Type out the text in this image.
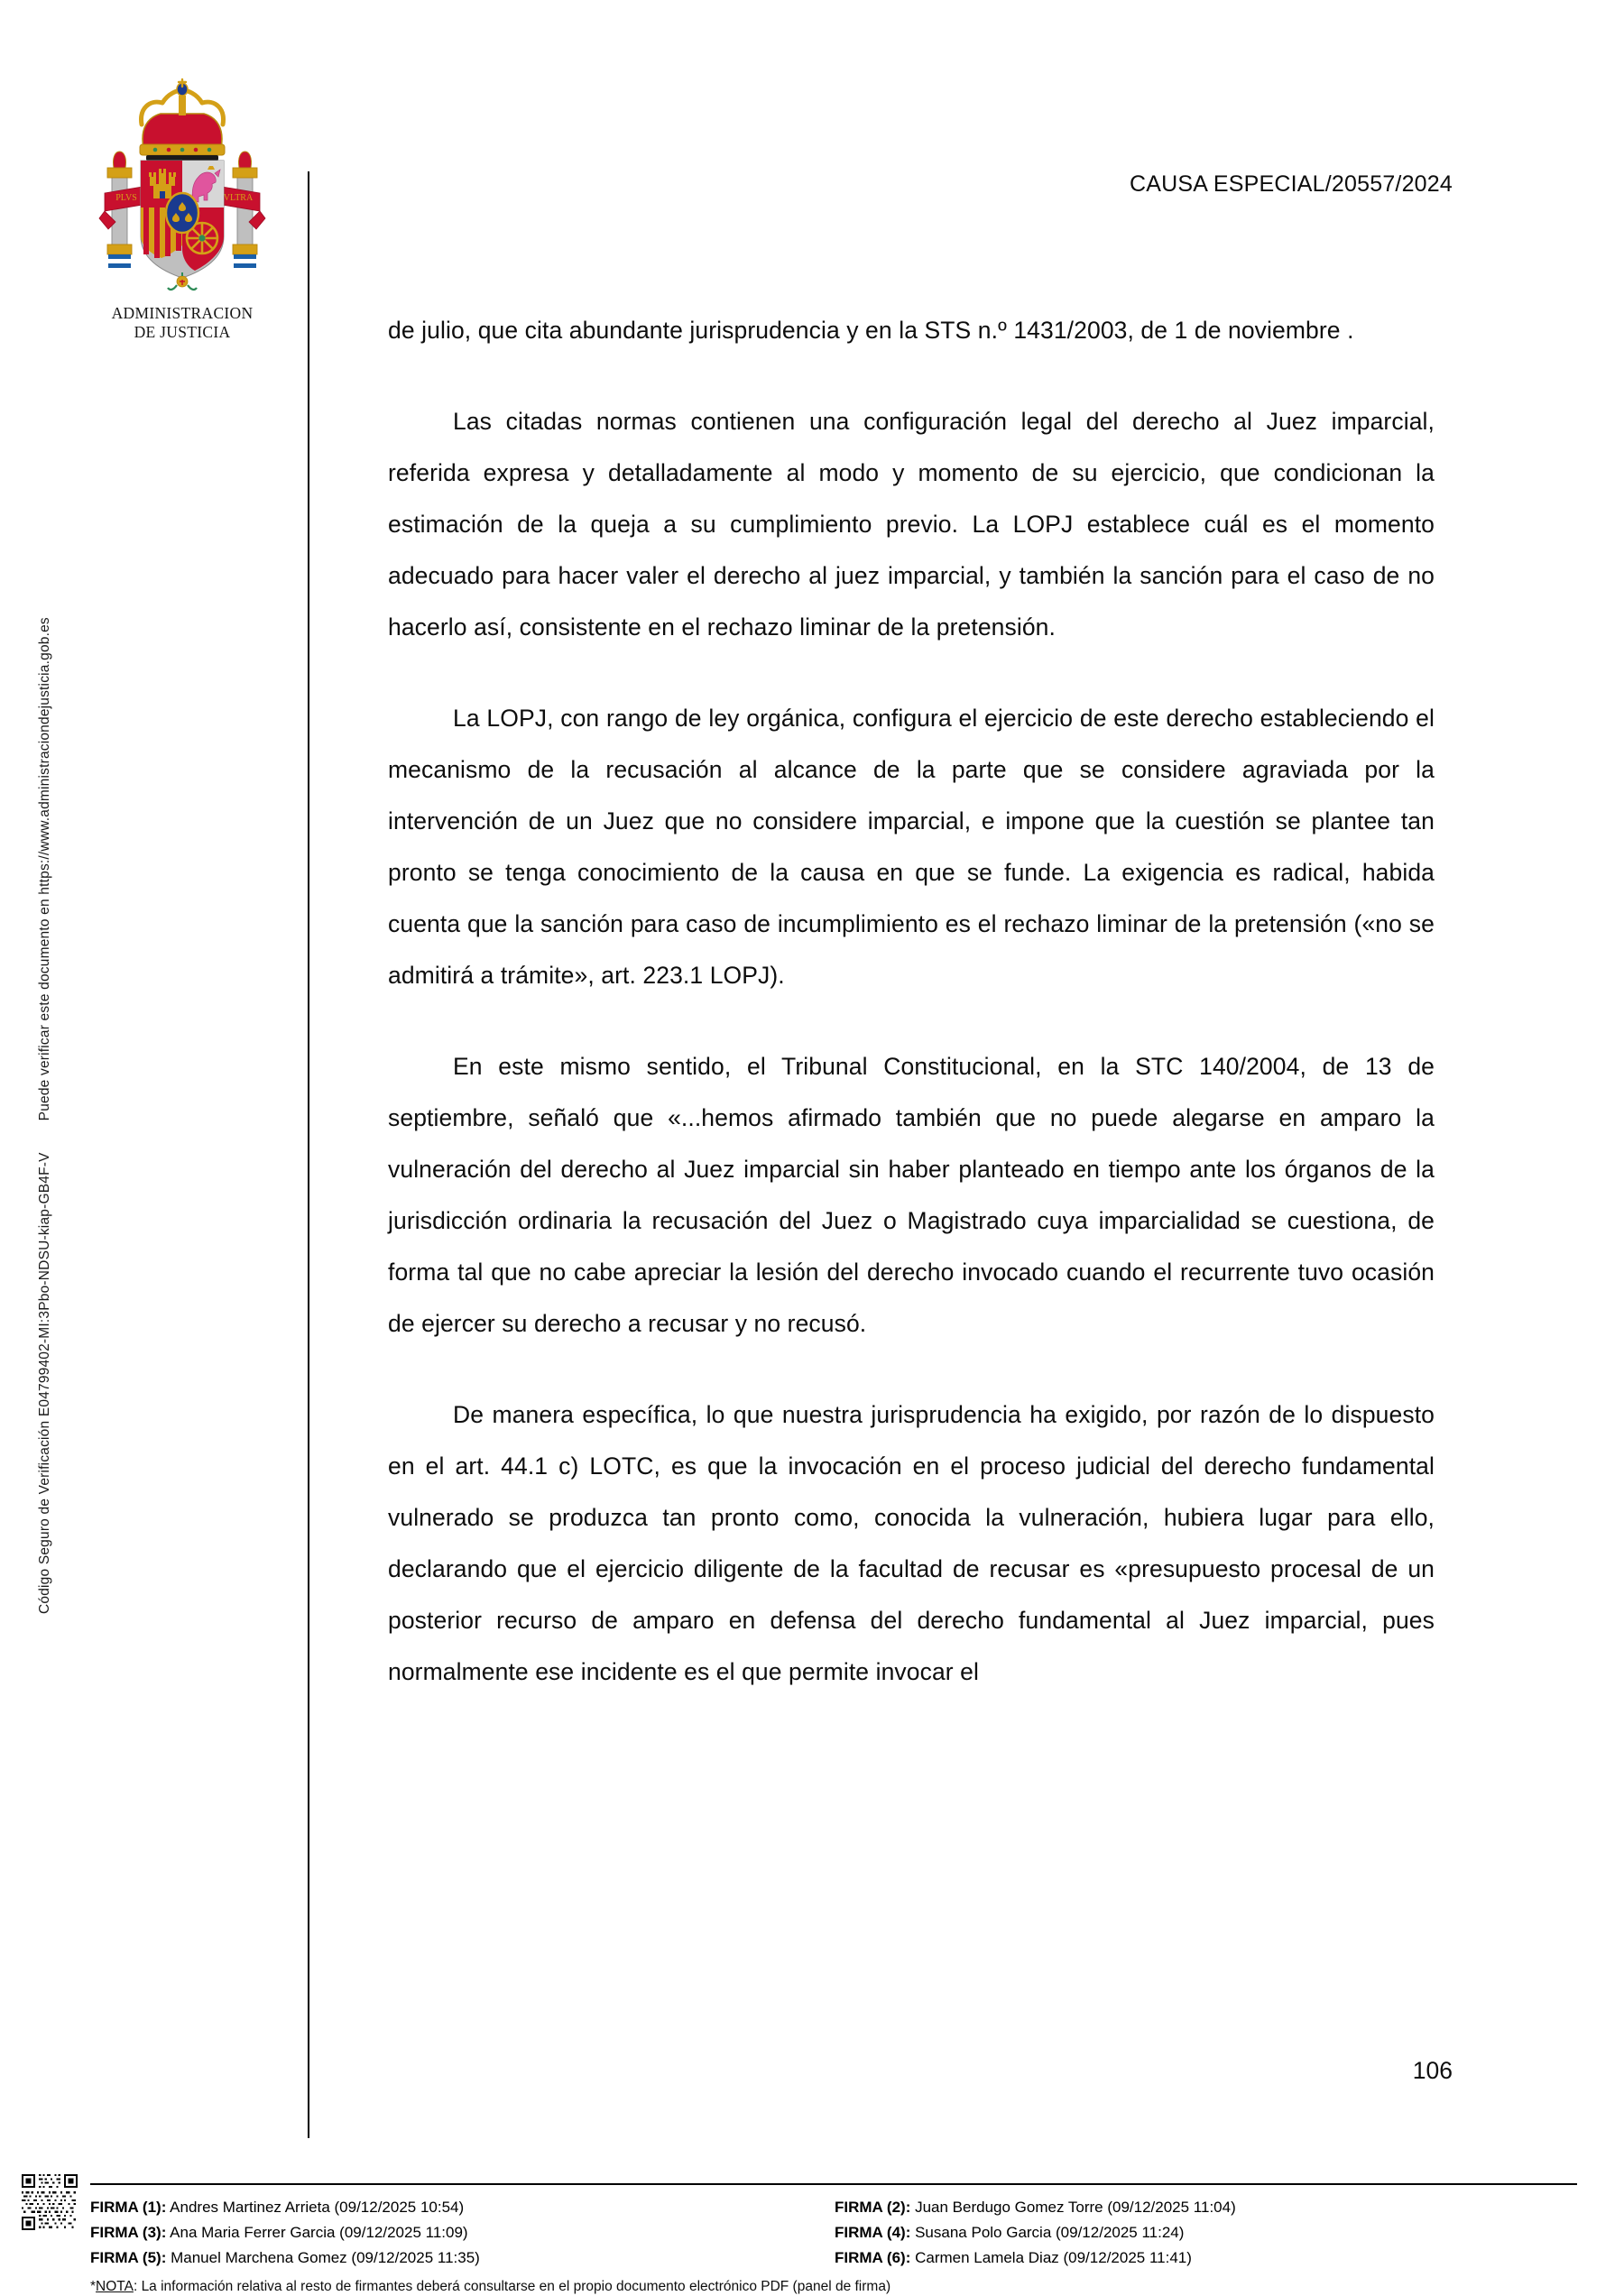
Código Seguro de Verificación E04799402-MI:3Pbo-NDSU-kiap-GB4F-V  Puede verificar este documento en https://www.administraciondejusticia.gob.es
PLVS	VLTRA
ADMINISTRACION
DE JUSTICIA
CAUSA ESPECIAL/20557/2024

de julio, que cita abundante jurisprudencia y en la STS n.º 1431/2003, de 1 de noviembre .

Las citadas normas contienen una configuración legal del derecho al Juez imparcial, referida expresa y detalladamente al modo y momento de su ejercicio, que condicionan la estimación de la queja a su cumplimiento previo. La LOPJ establece cuál es el momento adecuado para hacer valer el derecho al juez imparcial, y también la sanción para el caso de no hacerlo así, consistente en el rechazo liminar de la pretensión.

La LOPJ, con rango de ley orgánica, configura el ejercicio de este derecho estableciendo el mecanismo de la recusación al alcance de la parte que se considere agraviada por la intervención de un Juez que no considere imparcial, e impone que la cuestión se plantee tan pronto se tenga conocimiento de la causa en que se funde. La exigencia es radical, habida cuenta que la sanción para caso de incumplimiento es el rechazo liminar de la pretensión («no se admitirá a trámite», art. 223.1 LOPJ).

En este mismo sentido, el Tribunal Constitucional, en la STC 140/2004, de 13 de septiembre, señaló que «...hemos afirmado también que no puede alegarse en amparo la vulneración del derecho al Juez imparcial sin haber planteado en tiempo ante los órganos de la jurisdicción ordinaria la recusación del Juez o Magistrado cuya imparcialidad se cuestiona, de forma tal que no cabe apreciar la lesión del derecho invocado cuando el recurrente tuvo ocasión de ejercer su derecho a recusar y no recusó.

De manera específica, lo que nuestra jurisprudencia ha exigido, por razón de lo dispuesto en el art. 44.1 c) LOTC, es que la invocación en el proceso judicial del derecho fundamental vulnerado se produzca tan pronto como, conocida la vulneración, hubiera lugar para ello, declarando que el ejercicio diligente de la facultad de recusar es «presupuesto procesal de un posterior recurso de amparo en defensa del derecho fundamental al Juez imparcial, pues normalmente ese incidente es el que permite invocar el

106
FIRMA (1): Andres Martinez Arrieta (09/12/2025 10:54)	FIRMA (2): Juan Berdugo Gomez Torre (09/12/2025 11:04)
FIRMA (3): Ana Maria Ferrer Garcia (09/12/2025 11:09)	FIRMA (4): Susana Polo Garcia (09/12/2025 11:24)
FIRMA (5): Manuel Marchena Gomez (09/12/2025 11:35)	FIRMA (6): Carmen Lamela Diaz (09/12/2025 11:41)
*NOTA: La información relativa al resto de firmantes deberá consultarse en el propio documento electrónico PDF (panel de firma)
